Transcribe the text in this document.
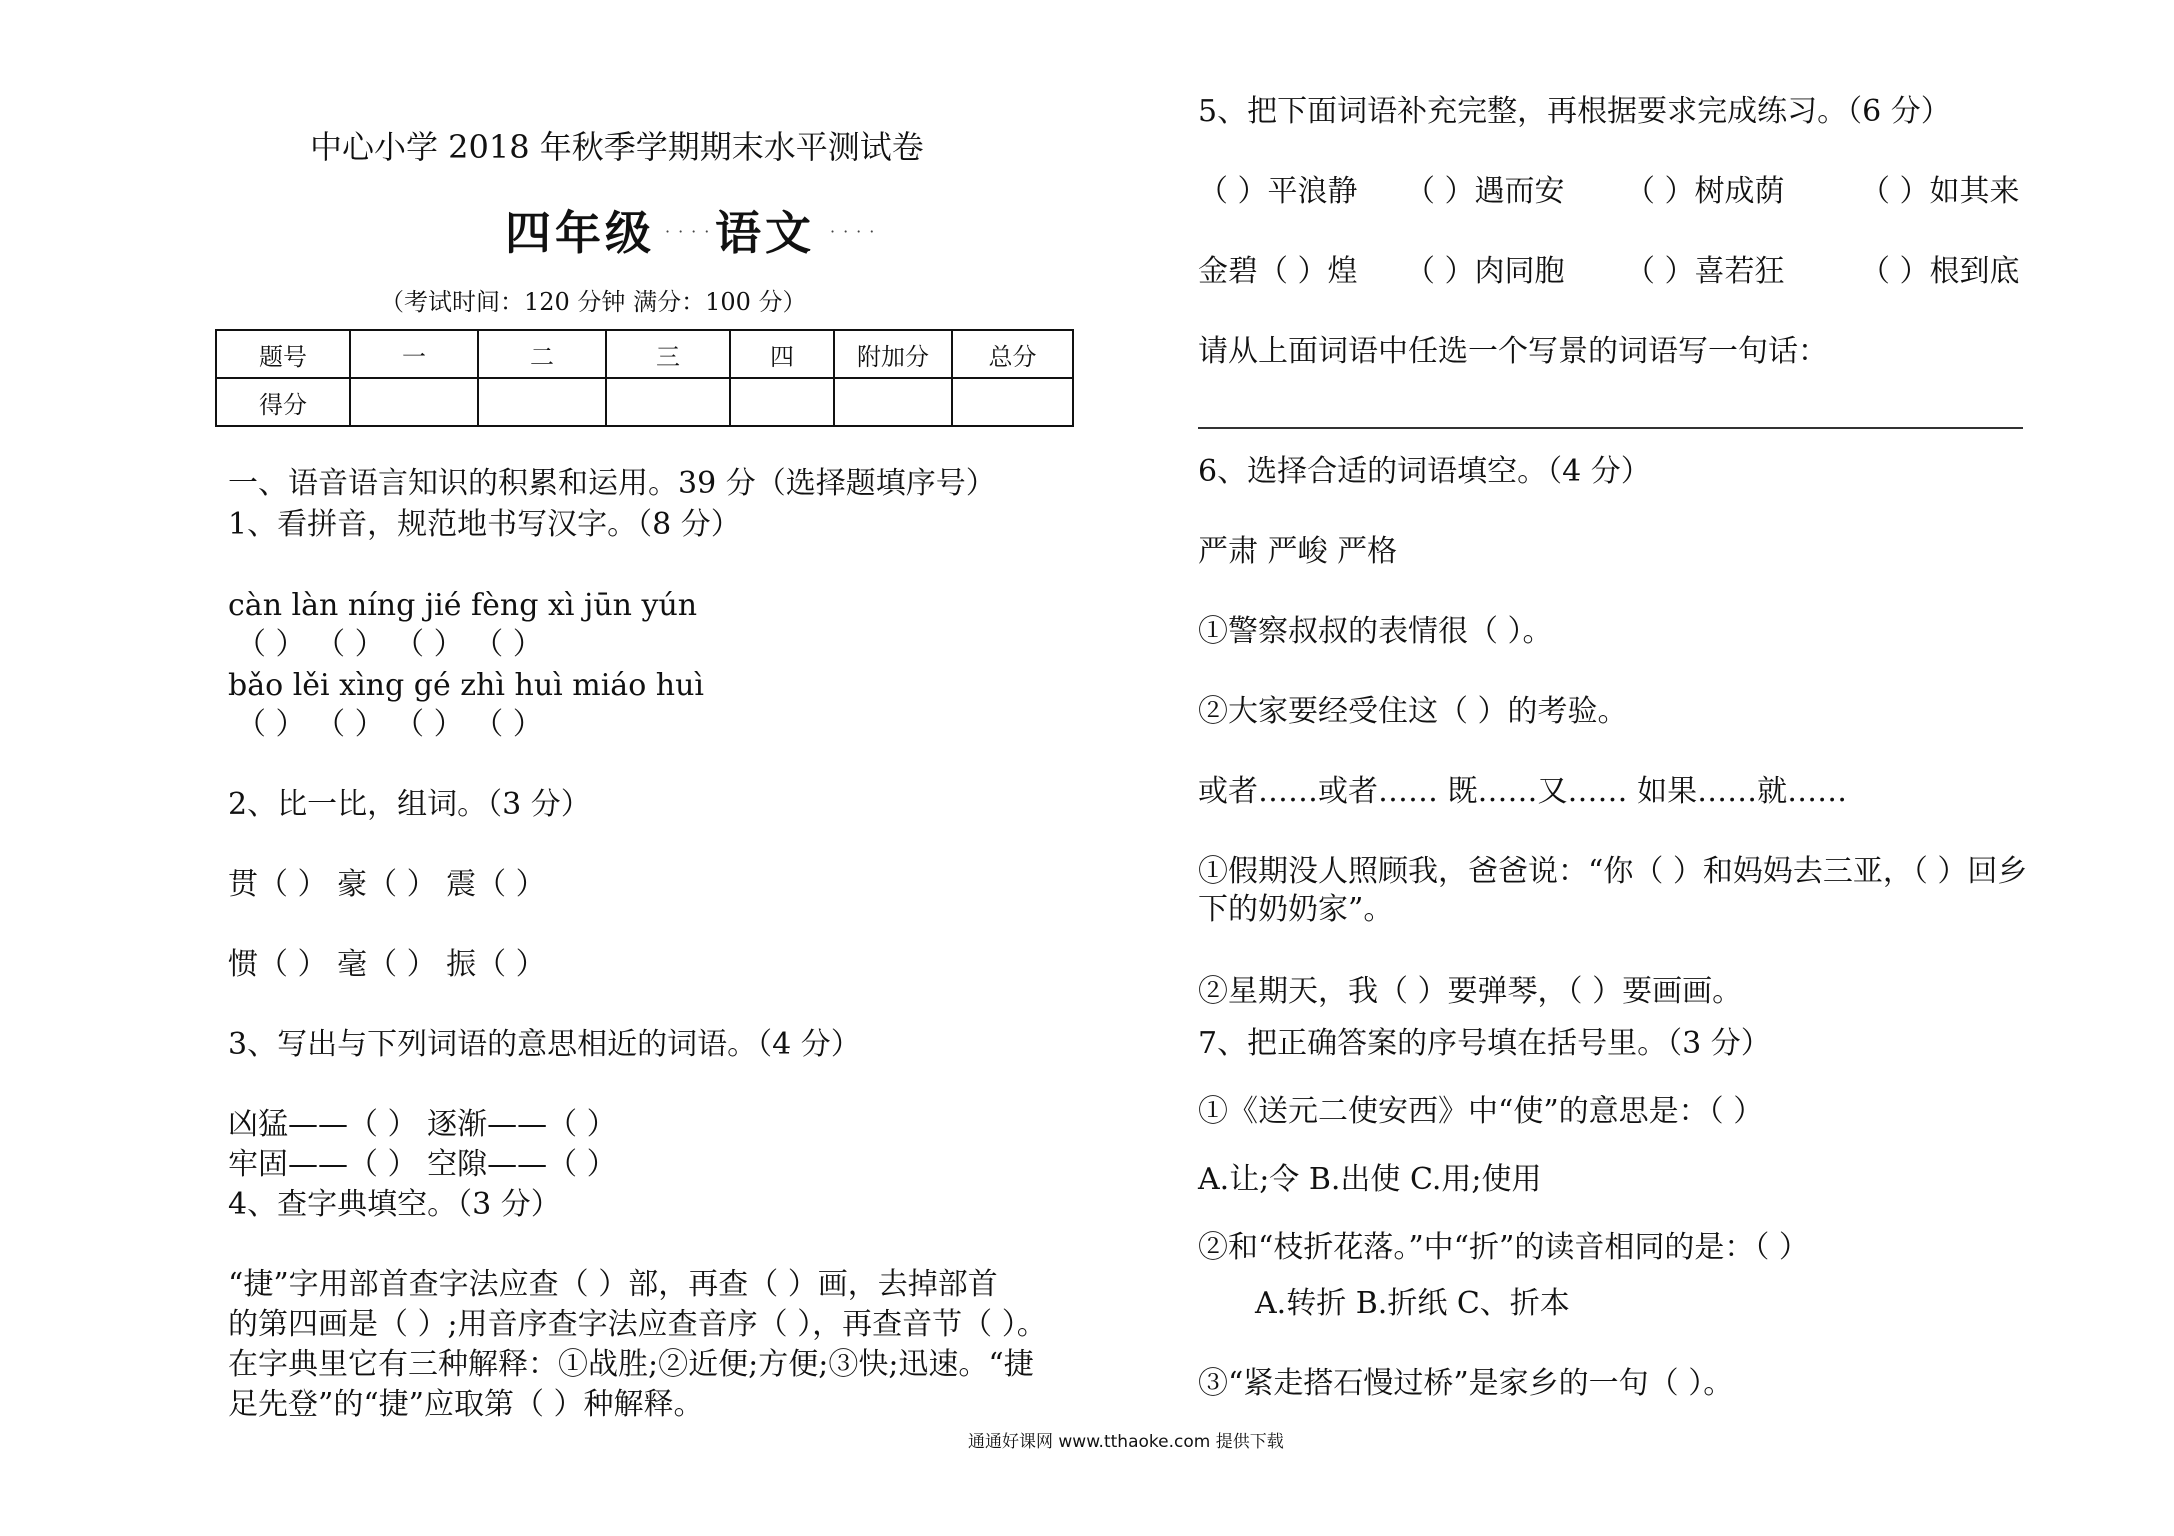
中心小学 2018 年秋季学期期末水平测试卷
四年级 ····
语文 ····
（考试时间：120 分钟 满分：100 分）
题号	一	二	三	四	附加分	总分
得分						
一、语音语言知识的积累和运用。39 分（选择题填序号）
1、看拼音，规范地书写汉字。（8 分）
càn làn níng jié fèng xì jūn yún
（ ） （ ） （ ） （ ）
bǎo lěi xìng gé zhì huì miáo huì
（ ） （ ） （ ） （ ）
2、比一比，组词。（3 分）
贯（ ） 豪（ ） 震（ ）
惯（ ） 毫（ ） 振（ ）
3、写出与下列词语的意思相近的词语。（4 分）
凶猛——（ ） 逐渐——（ ）
牢固——（ ） 空隙——（ ）
4、查字典填空。（3 分）
“捷”字用部首查字法应查（ ）部，再查（ ）画，去掉部首
的第四画是（ ）;用音序查字法应查音序（ ），再查音节（ ）。
在字典里它有三种解释：①战胜;②近便;方便;③快;迅速。“捷
足先登”的“捷”应取第（ ）种解释。
5、把下面词语补充完整，再根据要求完成练习。（6 分）
（ ）平浪静 （ ）遇而安 （ ）树成荫	（ ）如其来
金碧（ ）煌 （ ）肉同胞 （ ）喜若狂	（ ）根到底
请从上面词语中任选一个写景的词语写一句话：
6、选择合适的词语填空。（4 分）
严肃 严峻 严格
①警察叔叔的表情很（ ）。
②大家要经受住这（ ）的考验。
或者……或者…… 既……又…… 如果……就……
①假期没人照顾我，爸爸说：“你（ ）和妈妈去三亚，（ ）回乡
下的奶奶家”。
②星期天，我（ ）要弹琴，（ ）要画画。
7、把正确答案的序号填在括号里。（3 分）
①《送元二使安西》中“使”的意思是：（ ）
A.让;令 B.出使 C.用;使用
②和“枝折花落。”中“折”的读音相同的是：（ ）
A.转折 B.折纸 C、折本
③“紧走搭石慢过桥”是家乡的一句（ ）。
通通好课网 www.tthaoke.com 提供下载
